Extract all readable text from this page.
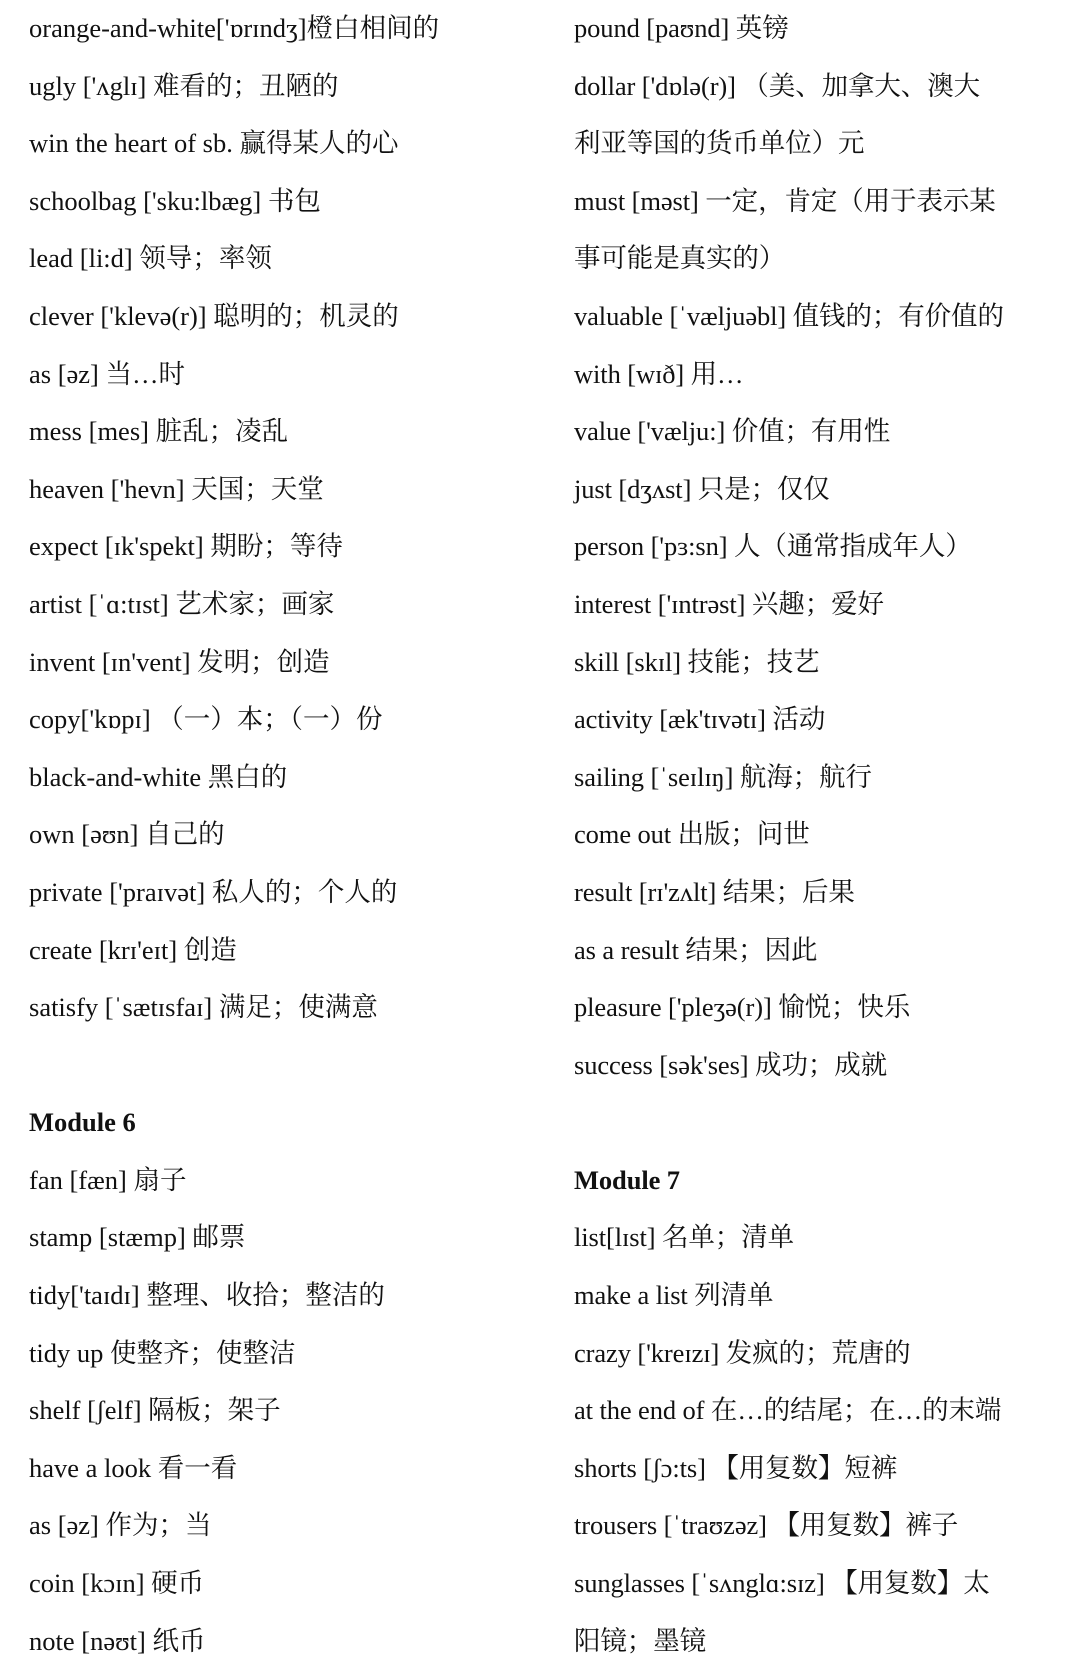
orange-and-white['ɒrɪndʒ]橙白相间的
ugly ['ʌglɪ] 难看的；丑陋的
win the heart of sb. 赢得某人的心
schoolbag ['sku:lbæg] 书包
lead [li:d] 领导；率领
clever ['klevə(r)] 聪明的；机灵的
as [əz] 当…时
mess [mes] 脏乱；凌乱
heaven ['hevn] 天国；天堂
expect [ɪk'spekt] 期盼；等待
artist [ˈɑ:tɪst] 艺术家；画家
invent [ɪn'vent] 发明；创造
copy['kɒpɪ] （一）本；（一）份
black-and-white 黑白的
own [əʊn] 自己的
private ['praɪvət] 私人的；个人的
create [krɪ'eɪt] 创造
satisfy [ˈsætɪsfaɪ] 满足；使满意
Module 6
fan [fæn] 扇子
stamp [stæmp] 邮票
tidy['taɪdɪ] 整理、收拾；整洁的
tidy up 使整齐；使整洁
shelf [ʃelf] 隔板；架子
have a look 看一看
as [əz] 作为；当
coin [kɔɪn] 硬币
note [nəʊt] 纸币
pound [paʊnd] 英镑
dollar ['dɒlə(r)] （美、加拿大、澳大
利亚等国的货币单位）元
must [məst] 一定，肯定（用于表示某
事可能是真实的）
valuable [ˈvæljuəbl] 值钱的；有价值的
with [wɪð] 用…
value ['vælju:] 价值；有用性
just [dʒʌst] 只是；仅仅
person ['pɜ:sn] 人（通常指成年人）
interest ['ɪntrəst] 兴趣；爱好
skill [skɪl] 技能；技艺
activity [æk'tɪvətɪ] 活动
sailing [ˈseɪlɪŋ] 航海；航行
come out 出版；问世
result [rɪ'zʌlt] 结果；后果
as a result 结果；因此
pleasure ['pleʒə(r)] 愉悦；快乐
success [sək'ses] 成功；成就
Module 7
list[lɪst] 名单；清单
make a list 列清单
crazy ['kreɪzɪ] 发疯的；荒唐的
at the end of 在…的结尾；在…的末端
shorts [ʃɔ:ts] 【用复数】短裤
trousers [ˈtraʊzəz] 【用复数】裤子
sunglasses [ˈsʌnglɑ:sɪz] 【用复数】太
阳镜；墨镜
